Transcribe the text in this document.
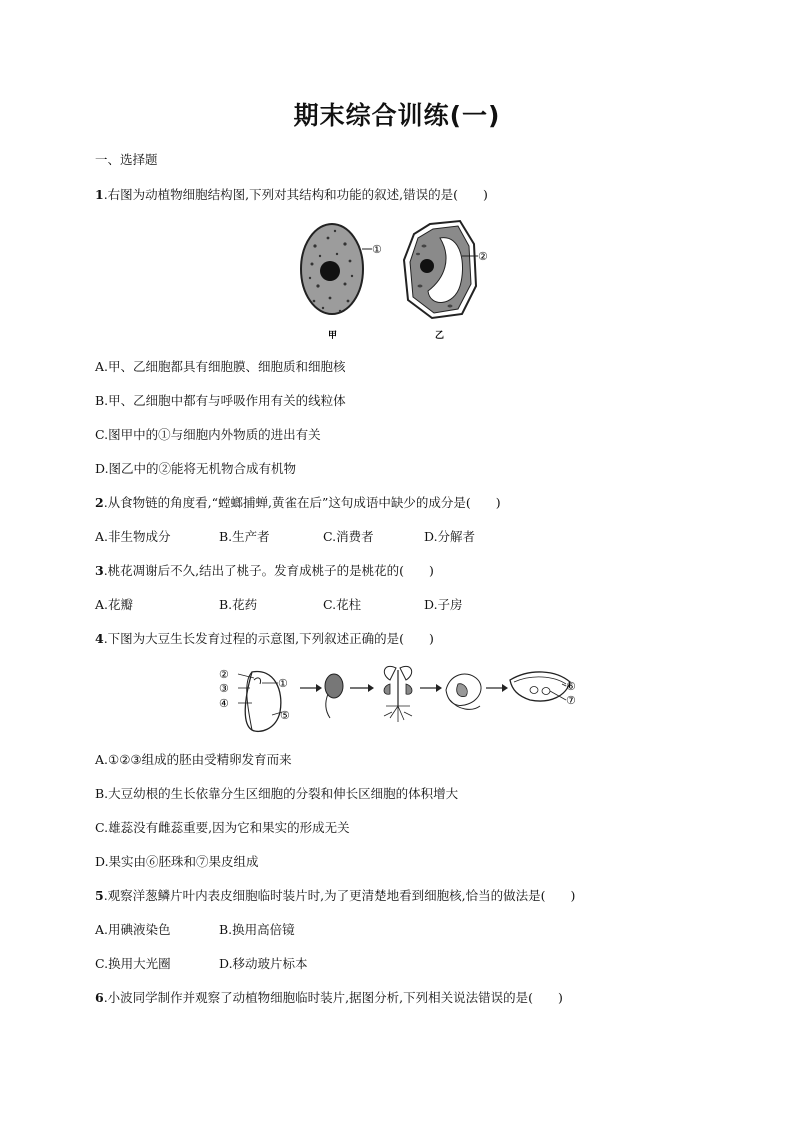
期末综合训练(一)
一、选择题
1.右图为动植物细胞结构图,下列对其结构和功能的叙述,错误的是(　　)
①
甲
②
乙
A.甲、乙细胞都具有细胞膜、细胞质和细胞核
B.甲、乙细胞中都有与呼吸作用有关的线粒体
C.图甲中的①与细胞内外物质的进出有关
D.图乙中的②能将无机物合成有机物
2.从食物链的角度看,“螳螂捕蝉,黄雀在后”这句成语中缺少的成分是(　　)
A.非生物成分	B.生产者	C.消费者	D.分解者
3.桃花凋谢后不久,结出了桃子。发育成桃子的是桃花的(　　)
A.花瓣	B.花药	C.花柱	D.子房
4.下图为大豆生长发育过程的示意图,下列叙述正确的是(　　)
②
③
④
①
⑤
⑥
⑦
A.①②③组成的胚由受精卵发育而来
B.大豆幼根的生长依靠分生区细胞的分裂和伸长区细胞的体积增大
C.雄蕊没有雌蕊重要,因为它和果实的形成无关
D.果实由⑥胚珠和⑦果皮组成
5.观察洋葱鳞片叶内表皮细胞临时装片时,为了更清楚地看到细胞核,恰当的做法是(　　)
A.用碘液染色	B.换用高倍镜
C.换用大光圈	D.移动玻片标本
6.小波同学制作并观察了动植物细胞临时装片,据图分析,下列相关说法错误的是(　　)
